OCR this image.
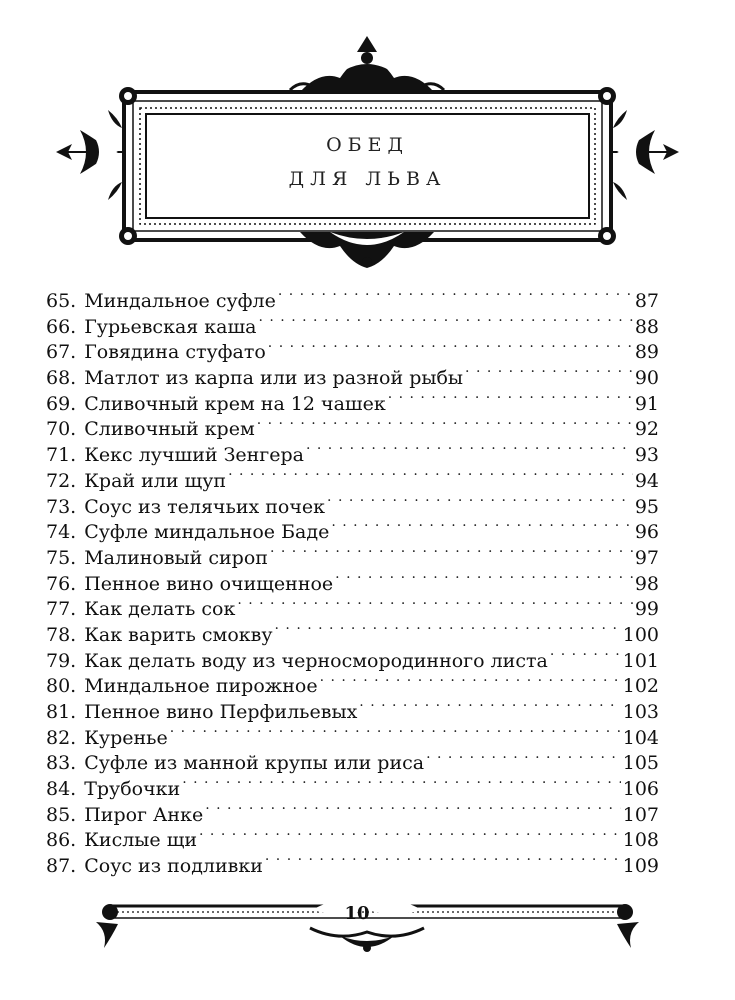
ОБЕД
ДЛЯ ЛЬВА
65. Миндальное суфле . . .	87
66. Гурьевская каша . . .	88
67. Говядина стуфато . . .	89
68. Матлот из карпа или из разной рыбы . . .	90
69. Сливочный крем на 12 чашек . . .	91
70. Сливочный крем . . .	92
71. Кекс лучший Зенгера . . .	93
72. Край или щуп . . .	94
73. Соус из телячьих почек . . .	95
74. Суфле миндальное Баде . . .	96
75. Малиновый сироп . . .	97
76. Пенное вино очищенное . . .	98
77. Как делать сок . . .	99
78. Как варить смокву . . .	100
79. Как делать воду из черносмородинного листа . . .	101
80. Миндальное пирожное . . .	102
81. Пенное вино Перфильевых . . .	103
82. Куренье . . .	104
83. Суфле из манной крупы или риса . . .	105
84. Трубочки . . .	106
85. Пирог Анке . . .	107
86. Кислые щи . . .	108
87. Соус из подливки . . .	109
10
